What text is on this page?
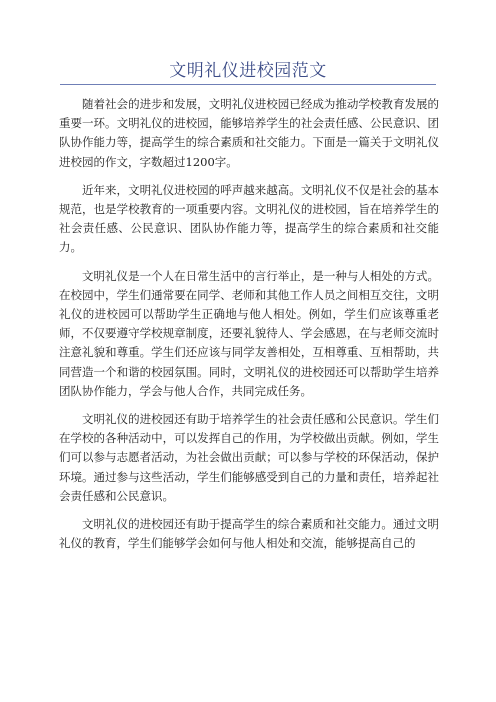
文明礼仪进校园范文

随着社会的进步和发展，文明礼仪进校园已经成为推动学校教育发展的重要一环。文明礼仪的进校园，能够培养学生的社会责任感、公民意识、团队协作能力等，提高学生的综合素质和社交能力。下面是一篇关于文明礼仪进校园的作文，字数超过1200字。

近年来，文明礼仪进校园的呼声越来越高。文明礼仪不仅是社会的基本规范，也是学校教育的一项重要内容。文明礼仪的进校园，旨在培养学生的社会责任感、公民意识、团队协作能力等，提高学生的综合素质和社交能力。

文明礼仪是一个人在日常生活中的言行举止，是一种与人相处的方式。在校园中，学生们通常要在同学、老师和其他工作人员之间相互交往，文明礼仪的进校园可以帮助学生正确地与他人相处。例如，学生们应该尊重老师，不仅要遵守学校规章制度，还要礼貌待人、学会感恩，在与老师交流时注意礼貌和尊重。学生们还应该与同学友善相处，互相尊重、互相帮助，共同营造一个和谐的校园氛围。同时，文明礼仪的进校园还可以帮助学生培养团队协作能力，学会与他人合作，共同完成任务。

文明礼仪的进校园还有助于培养学生的社会责任感和公民意识。学生们在学校的各种活动中，可以发挥自己的作用，为学校做出贡献。例如，学生们可以参与志愿者活动，为社会做出贡献；可以参与学校的环保活动，保护环境。通过参与这些活动，学生们能够感受到自己的力量和责任，培养起社会责任感和公民意识。

文明礼仪的进校园还有助于提高学生的综合素质和社交能力。通过文明礼仪的教育，学生们能够学会如何与他人相处和交流，能够提高自己的
